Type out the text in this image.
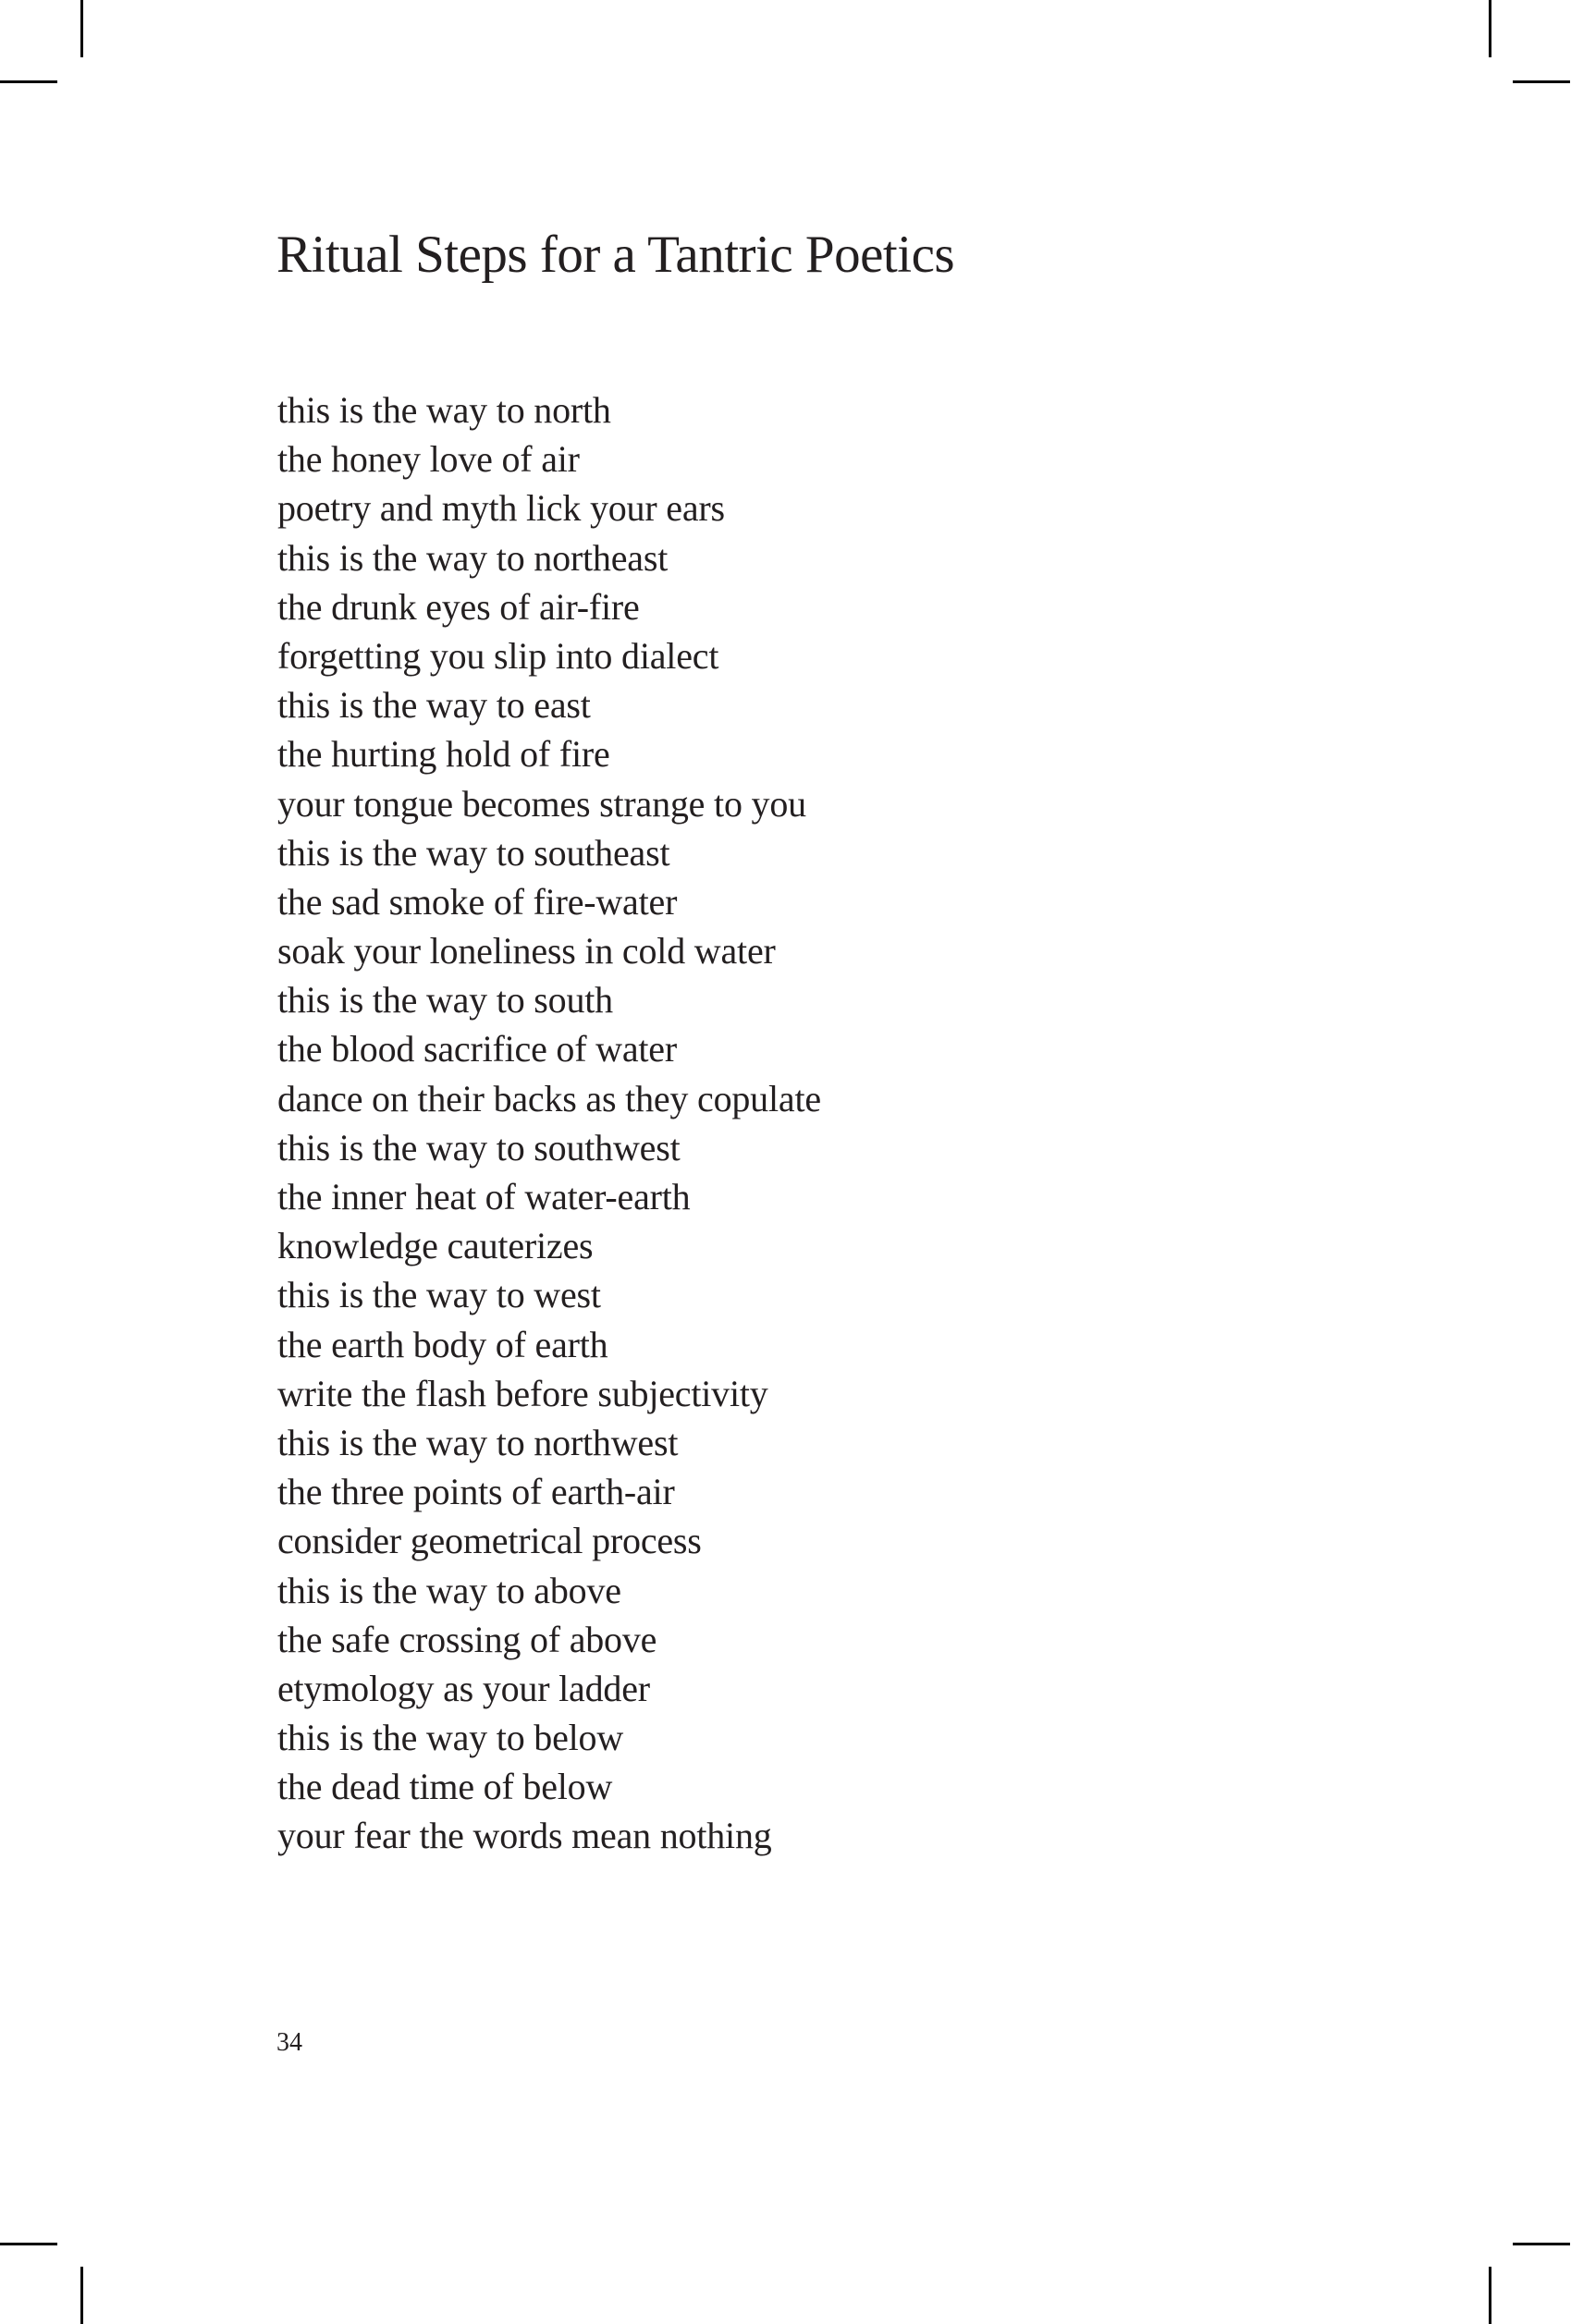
Ritual Steps for a Tantric Poetics
this is the way to north
the honey love of air
poetry and myth lick your ears
this is the way to northeast
the drunk eyes of air-fire
forgetting you slip into dialect
this is the way to east
the hurting hold of fire
your tongue becomes strange to you
this is the way to southeast
the sad smoke of fire-water
soak your loneliness in cold water
this is the way to south
the blood sacrifice of water
dance on their backs as they copulate
this is the way to southwest
the inner heat of water-earth
knowledge cauterizes
this is the way to west
the earth body of earth
write the flash before subjectivity
this is the way to northwest
the three points of earth-air
consider geometrical process
this is the way to above
the safe crossing of above
etymology as your ladder
this is the way to below
the dead time of below
your fear the words mean nothing
34
